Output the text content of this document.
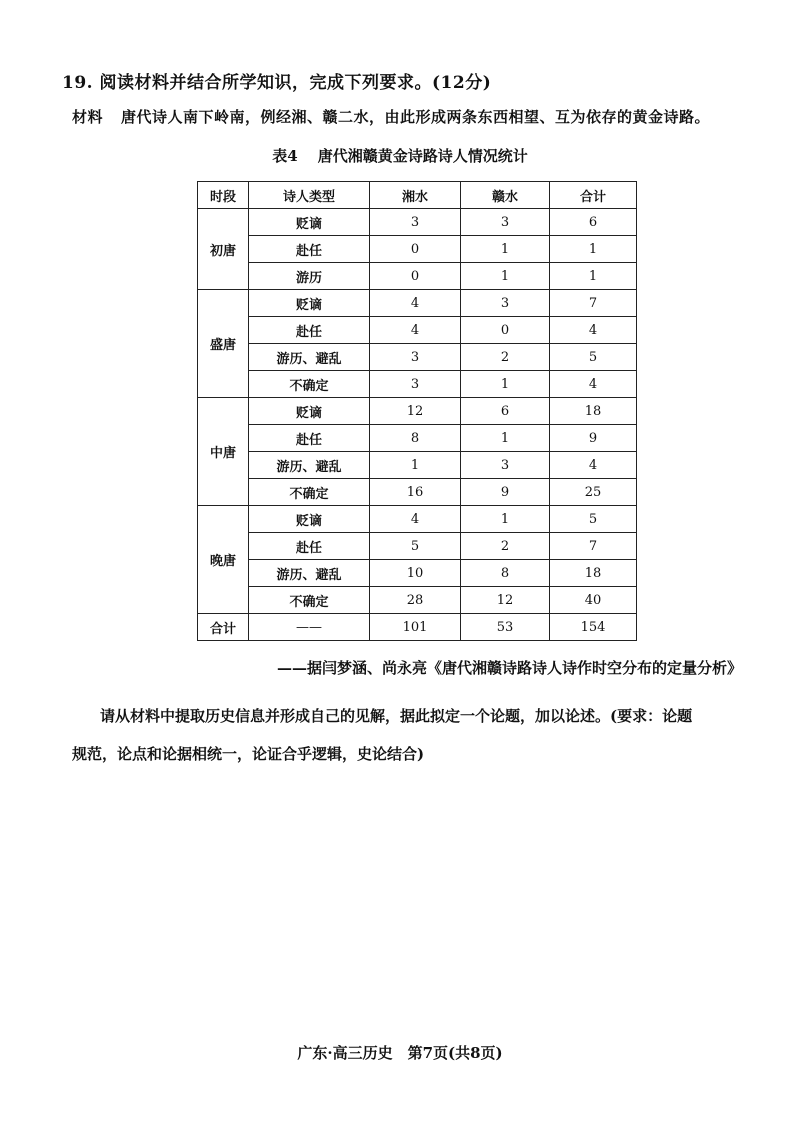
19. 阅读材料并结合所学知识，完成下列要求。(12分)
材料 唐代诗人南下岭南，例经湘、赣二水，由此形成两条东西相望、互为依存的黄金诗路。
表4 唐代湘赣黄金诗路诗人情况统计
时段	诗人类型	湘水	赣水	合计
初唐	贬谪	3	3	6
	赴任	0	1	1
	游历	0	1	1
盛唐	贬谪	4	3	7
	赴任	4	0	4
	游历、避乱	3	2	5
	不确定	3	1	4
中唐	贬谪	12	6	18
	赴任	8	1	9
	游历、避乱	1	3	4
	不确定	16	9	25
晚唐	贬谪	4	1	5
	赴任	5	2	7
	游历、避乱	10	8	18
	不确定	28	12	40
合计	——	101	53	154
——据闫梦涵、尚永亮《唐代湘赣诗路诗人诗作时空分布的定量分析》
请从材料中提取历史信息并形成自己的见解，据此拟定一个论题，加以论述。(要求：论题
规范，论点和论据相统一，论证合乎逻辑，史论结合)
广东·高三历史　第7页(共8页)
